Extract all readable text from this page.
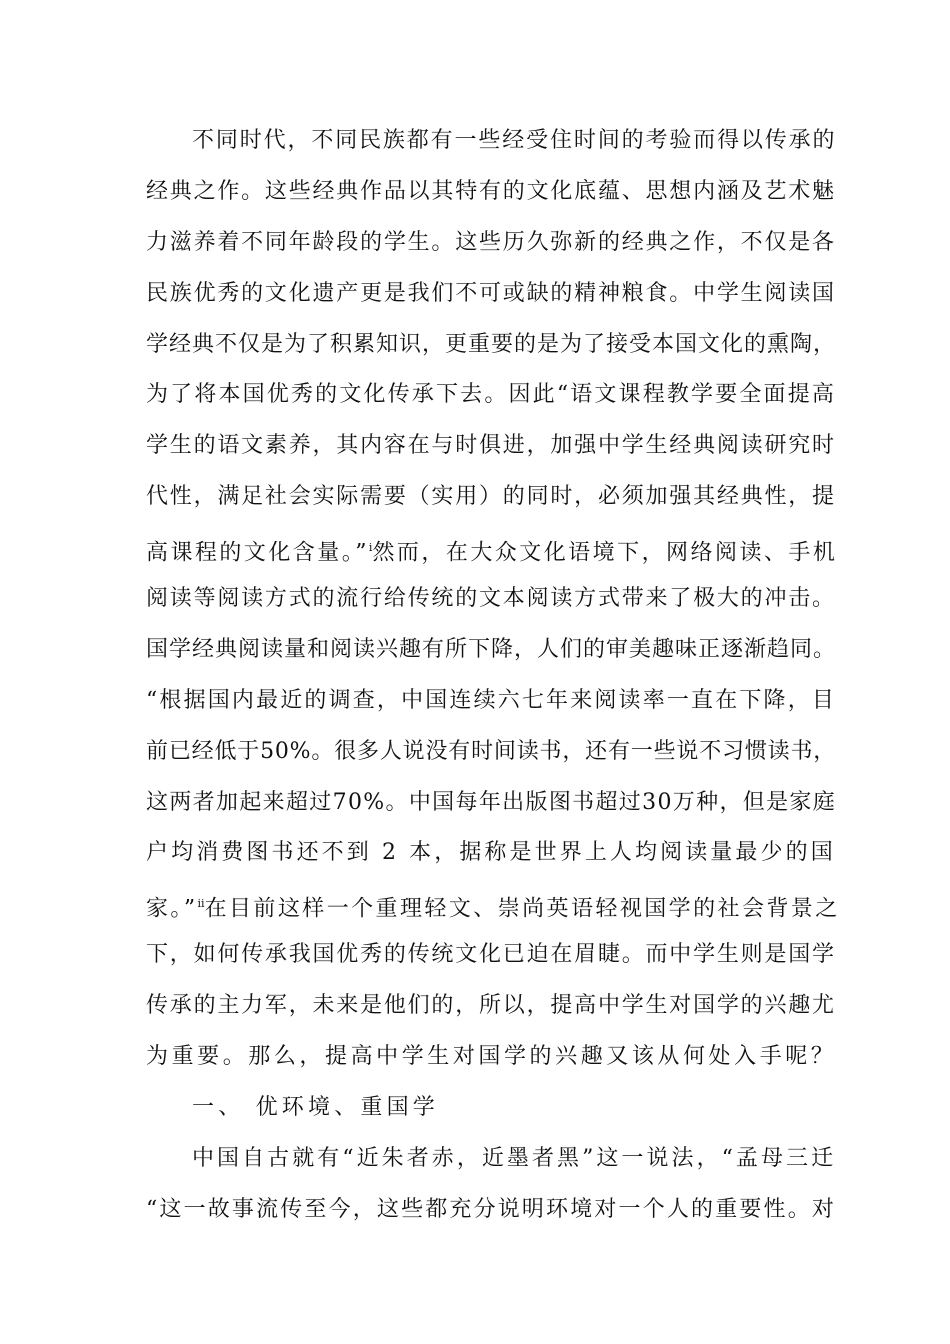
不同时代，不同民族都有一些经受住时间的考验而得以传承的
经典之作。这些经典作品以其特有的文化底蕴、思想内涵及艺术魅
力滋养着不同年龄段的学生。这些历久弥新的经典之作，不仅是各
民族优秀的文化遗产更是我们不可或缺的精神粮食。中学生阅读国
学经典不仅是为了积累知识，更重要的是为了接受本国文化的熏陶，
为了将本国优秀的文化传承下去。因此“语文课程教学要全面提高
学生的语文素养，其内容在与时俱进，加强中学生经典阅读研究时
代性，满足社会实际需要（实用）的同时，必须加强其经典性，提
高课程的文化含量。”$^i$然而，在大众文化语境下，网络阅读、手机
阅读等阅读方式的流行给传统的文本阅读方式带来了极大的冲击。
国学经典阅读量和阅读兴趣有所下降，人们的审美趣味正逐渐趋同。
“根据国内最近的调查，中国连续六七年来阅读率一直在下降，目
前已经低于50%。很多人说没有时间读书，还有一些说不习惯读书，
这两者加起来超过70%。中国每年出版图书超过30万种，但是家庭
户均消费图书还不到 2 本，据称是世界上人均阅读量最少的国
家。”$^{ii}$在目前这样一个重理轻文、崇尚英语轻视国学的社会背景之
下，如何传承我国优秀的传统文化已迫在眉睫。而中学生则是国学
传承的主力军，未来是他们的，所以，提高中学生对国学的兴趣尤
为重要。那么，提高中学生对国学的兴趣又该从何处入手呢？
一、 优环境、重国学
中国自古就有“近朱者赤，近墨者黑”这一说法，“孟母三迁
“这一故事流传至今，这些都充分说明环境对一个人的重要性。对
